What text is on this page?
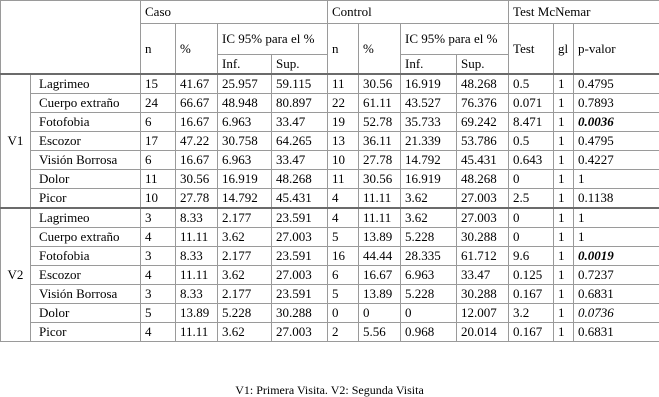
		Caso				Control				Test McNemar		
		n	%	IC 95% para el %		n	%	IC 95% para el %		Test	gl	p-valor
				Inf.	Sup.			Inf.	Sup.			
V1	Lagrimeo	15	41.67	25.957	59.115	11	30.56	16.919	48.268	0.5	1	0.4795
	Cuerpo extraño	24	66.67	48.948	80.897	22	61.11	43.527	76.376	0.071	1	0.7893
	Fotofobia	6	16.67	6.963	33.47	19	52.78	35.733	69.242	8.471	1	0.0036
	Escozor	17	47.22	30.758	64.265	13	36.11	21.339	53.786	0.5	1	0.4795
	Visión Borrosa	6	16.67	6.963	33.47	10	27.78	14.792	45.431	0.643	1	0.4227
	Dolor	11	30.56	16.919	48.268	11	30.56	16.919	48.268	0	1	1
	Picor	10	27.78	14.792	45.431	4	11.11	3.62	27.003	2.5	1	0.1138
V2	Lagrimeo	3	8.33	2.177	23.591	4	11.11	3.62	27.003	0	1	1
	Cuerpo extraño	4	11.11	3.62	27.003	5	13.89	5.228	30.288	0	1	1
	Fotofobia	3	8.33	2.177	23.591	16	44.44	28.335	61.712	9.6	1	0.0019
	Escozor	4	11.11	3.62	27.003	6	16.67	6.963	33.47	0.125	1	0.7237
	Visión Borrosa	3	8.33	2.177	23.591	5	13.89	5.228	30.288	0.167	1	0.6831
	Dolor	5	13.89	5.228	30.288	0	0	0	12.007	3.2	1	0.0736
	Picor	4	11.11	3.62	27.003	2	5.56	0.968	20.014	0.167	1	0.6831
V1: Primera Visita. V2: Segunda Visita
